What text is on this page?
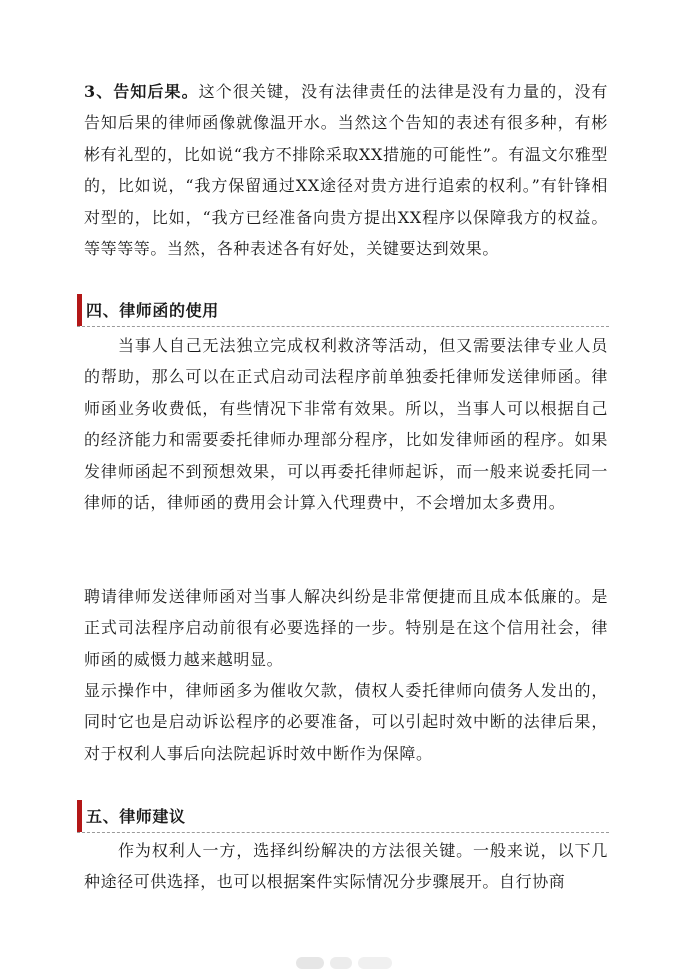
3、告知后果。这个很关键，没有法律责任的法律是没有力量的，没有告知后果的律师函像就像温开水。当然这个告知的表述有很多种，有彬彬有礼型的，比如说“我方不排除采取XX措施的可能性”。有温文尔雅型的，比如说，“我方保留通过XX途径对贵方进行追索的权利。”有针锋相对型的，比如，“我方已经准备向贵方提出XX程序以保障我方的权益。等等等等。当然，各种表述各有好处，关键要达到效果。

四、律师函的使用

当事人自己无法独立完成权利救济等活动，但又需要法律专业人员的帮助，那么可以在正式启动司法程序前单独委托律师发送律师函。律师函业务收费低，有些情况下非常有效果。所以，当事人可以根据自己的经济能力和需要委托律师办理部分程序，比如发律师函的程序。如果发律师函起不到预想效果，可以再委托律师起诉，而一般来说委托同一律师的话，律师函的费用会计算入代理费中，不会增加太多费用。

聘请律师发送律师函对当事人解决纠纷是非常便捷而且成本低廉的。是正式司法程序启动前很有必要选择的一步。特别是在这个信用社会，律师函的威慑力越来越明显。

显示操作中，律师函多为催收欠款，债权人委托律师向债务人发出的，同时它也是启动诉讼程序的必要准备，可以引起时效中断的法律后果，对于权利人事后向法院起诉时效中断作为保障。

五、律师建议

作为权利人一方，选择纠纷解决的方法很关键。一般来说，以下几种途径可供选择，也可以根据案件实际情况分步骤展开。自行协商
